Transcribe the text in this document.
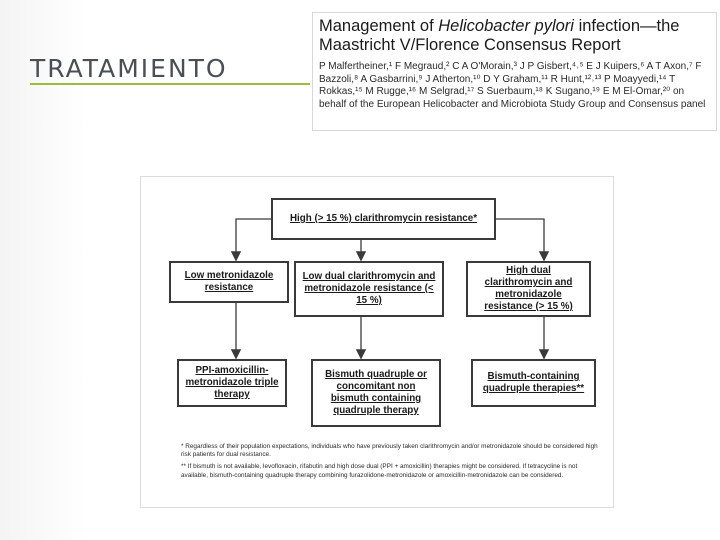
TRATAMIENTO
Management of Helicobacter pylori infection—the Maastricht V/Florence Consensus Report
P Malfertheiner,¹ F Megraud,² C A O'Morain,³ J P Gisbert,⁴˒⁵ E J Kuipers,⁶ A T Axon,⁷ F Bazzoli,⁸ A Gasbarrini,⁹ J Atherton,¹⁰ D Y Graham,¹¹ R Hunt,¹²˒¹³ P Moayyedi,¹⁴ T Rokkas,¹⁵ M Rugge,¹⁶ M Selgrad,¹⁷ S Suerbaum,¹⁸ K Sugano,¹⁹ E M El-Omar,²⁰ on behalf of the European Helicobacter and Microbiota Study Group and Consensus panel
High (> 15 %) clarithromycin resistance*
Low metronidazole resistance
Low dual clarithromycin and metronidazole resistance (< 15 %)
High dual clarithromycin and metronidazole resistance (> 15 %)
PPI-amoxicillin-metronidazole triple therapy
Bismuth quadruple or concomitant non bismuth containing quadruple therapy
Bismuth-containing quadruple therapies**

* Regardless of their population expectations, individuals who have previously taken clarithromycin and/or metronidazole should be considered high risk patients for dual resistance.

** If bismuth is not available, levofloxacin, rifabutin and high dose dual (PPI + amoxicillin) therapies might be considered. If tetracycline is not available, bismuth-containing quadruple therapy combining furazolidone-metronidazole or amoxicillin-metronidazole can be considered.
